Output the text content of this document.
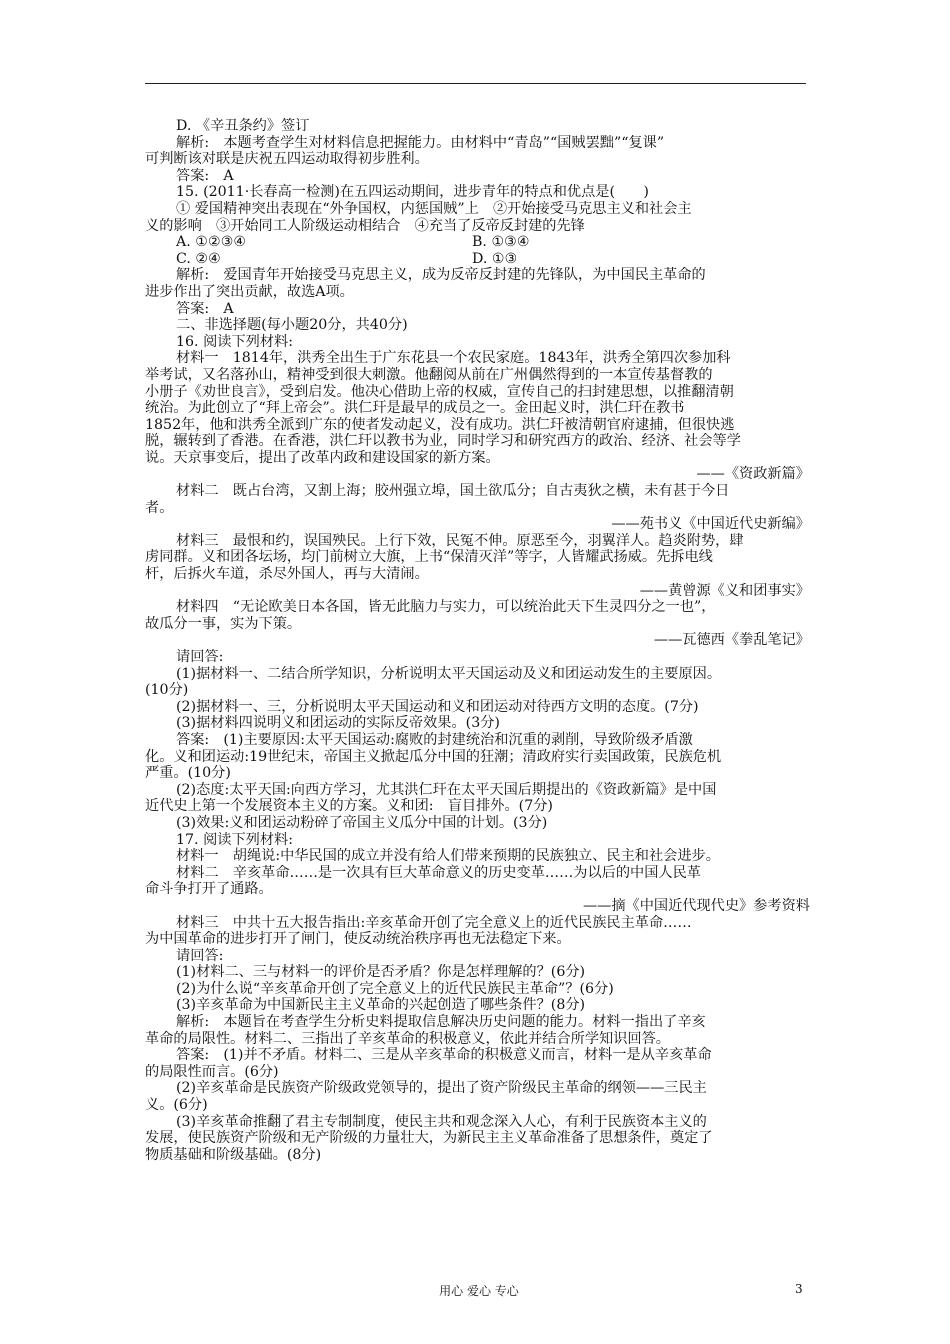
D. 《辛丑条约》签订
解析:　本题考查学生对材料信息把握能力。由材料中“青岛”“国贼罢黜”“复课”
可判断该对联是庆祝五四运动取得初步胜利。
答案:　A
15. (2011·长春高一检测)在五四运动期间，进步青年的特点和优点是(　　)
① 爱国精神突出表现在“外争国权，内惩国贼”上　②开始接受马克思主义和社会主
义的影响　③开始同工人阶级运动相结合　④充当了反帝反封建的先锋
A. ①②③④	B. ①③④
C. ②④	D. ①③
解析:　爱国青年开始接受马克思主义，成为反帝反封建的先锋队，为中国民主革命的
进步作出了突出贡献，故选A项。
答案:　A
二、非选择题(每小题20分，共40分)
16. 阅读下列材料:
材料一　1814年，洪秀全出生于广东花县一个农民家庭。1843年，洪秀全第四次参加科
举考试，又名落孙山，精神受到很大刺激。他翻阅从前在广州偶然得到的一本宣传基督教的
小册子《劝世良言》，受到启发。他决心借助上帝的权威，宣传自己的扫封建思想，以推翻清朝
统治。为此创立了“拜上帝会”。洪仁玕是最早的成员之一。金田起义时，洪仁玕在教书
1852年，他和洪秀全派到广东的使者发动起义，没有成功。洪仁玕被清朝官府逮捕，但很快逃
脱，辗转到了香港。在香港，洪仁玕以教书为业，同时学习和研究西方的政治、经济、社会等学
说。天京事变后，提出了改革内政和建设国家的新方案。
——《资政新篇》
材料二　既占台湾，又割上海；胶州强立埠，国土欲瓜分；自古夷狄之横，未有甚于今日
者。
——苑书义《中国近代史新编》
材料三　最恨和约，误国殃民。上行下效，民冤不伸。原恶至今，羽翼洋人。趋炎附势，肆
虏同群。义和团各坛场，均门前树立大旗，上书“保清灭洋”等字，人皆耀武扬威。先拆电线
杆，后拆火车道，杀尽外国人，再与大清闹。
——黄曾源《义和团事实》
材料四　“无论欧美日本各国，皆无此脑力与实力，可以统治此天下生灵四分之一也”，
故瓜分一事，实为下策。
——瓦德西《拳乱笔记》
请回答:
(1)据材料一、二结合所学知识，分析说明太平天国运动及义和团运动发生的主要原因。
(10分)
(2)据材料一、三，分析说明太平天国运动和义和团运动对待西方文明的态度。(7分)
(3)据材料四说明义和团运动的实际反帝效果。(3分)
答案:　(1)主要原因:太平天国运动:腐败的封建统治和沉重的剥削，导致阶级矛盾激
化。义和团运动:19世纪末，帝国主义掀起瓜分中国的狂潮；清政府实行卖国政策，民族危机
严重。(10分)
(2)态度:太平天国:向西方学习，尤其洪仁玕在太平天国后期提出的《资政新篇》是中国
近代史上第一个发展资本主义的方案。义和团:　盲目排外。(7分)
(3)效果:义和团运动粉碎了帝国主义瓜分中国的计划。(3分)
17. 阅读下列材料:
材料一　胡绳说:中华民国的成立并没有给人们带来预期的民族独立、民主和社会进步。
材料二　辛亥革命……是一次具有巨大革命意义的历史变革……为以后的中国人民革
命斗争打开了通路。
——摘《中国近代现代史》参考资料
材料三　中共十五大报告指出:辛亥革命开创了完全意义上的近代民族民主革命……
为中国革命的进步打开了闸门，使反动统治秩序再也无法稳定下来。
请回答:
(1)材料二、三与材料一的评价是否矛盾？你是怎样理解的？(6分)
(2)为什么说“辛亥革命开创了完全意义上的近代民族民主革命”？(6分)
(3)辛亥革命为中国新民主主义革命的兴起创造了哪些条件？(8分)
解析:　本题旨在考查学生分析史料提取信息解决历史问题的能力。材料一指出了辛亥
革命的局限性。材料二、三指出了辛亥革命的积极意义，依此并结合所学知识回答。
答案:　(1)并不矛盾。材料二、三是从辛亥革命的积极意义而言，材料一是从辛亥革命
的局限性而言。(6分)
(2)辛亥革命是民族资产阶级政党领导的，提出了资产阶级民主革命的纲领——三民主
义。(6分)
(3)辛亥革命推翻了君主专制制度，使民主共和观念深入人心，有利于民族资本主义的
发展，使民族资产阶级和无产阶级的力量壮大，为新民主主义革命准备了思想条件，奠定了
物质基础和阶级基础。(8分)
用心 爱心 专心	3
